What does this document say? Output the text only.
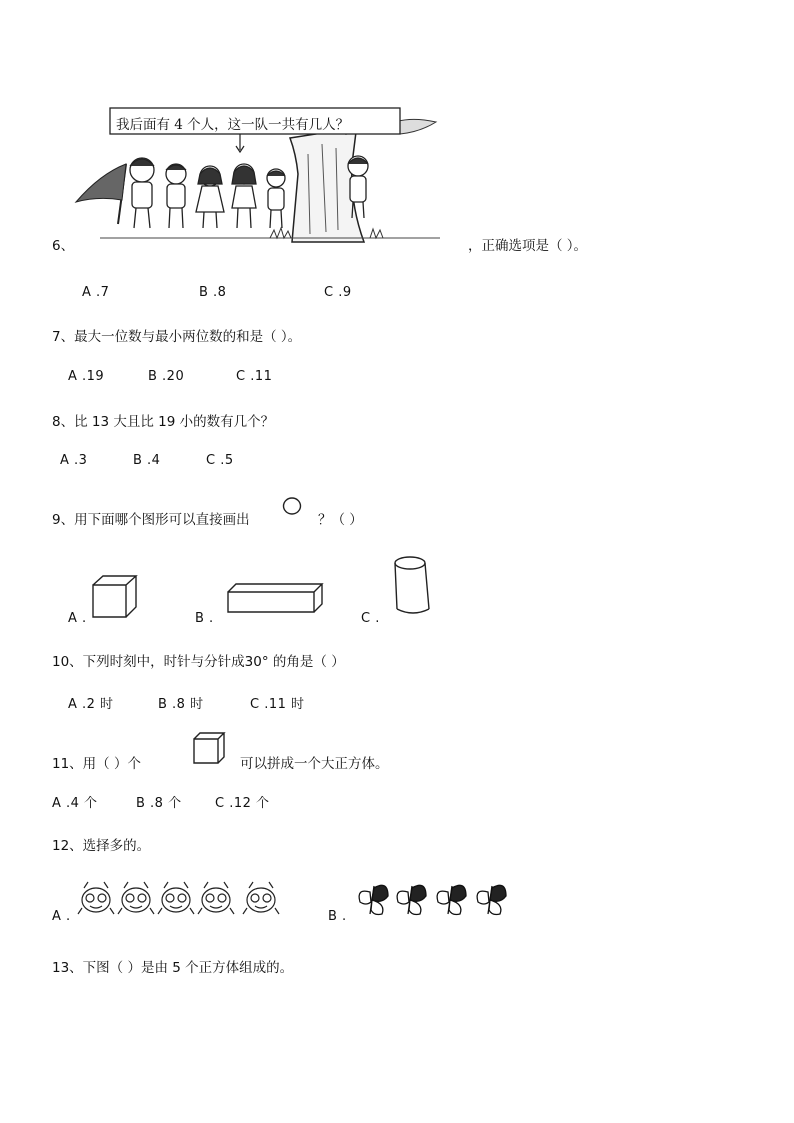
我后面有 4 个人，这一队一共有几人？
6、	，正确选项是（ ）。
A .7	B .8	C .9
7、最大一位数与最小两位数的和是（ ）。
A .19	B .20	C .11
8、比 13 大且比 19 小的数有几个？
A .3	B .4	C .5
9、用下面哪个图形可以直接画出	？（ ）
A .	B .	C .
10、下列时刻中，时针与分针成30° 的角是（ ）
A .2 时	B .8 时	C .11 时
11、用（ ）个	可以拼成一个大正方体。
A .4 个	B .8 个	C .12 个
12、选择多的。
A .	B .
13、下图（ ）是由 5 个正方体组成的。
